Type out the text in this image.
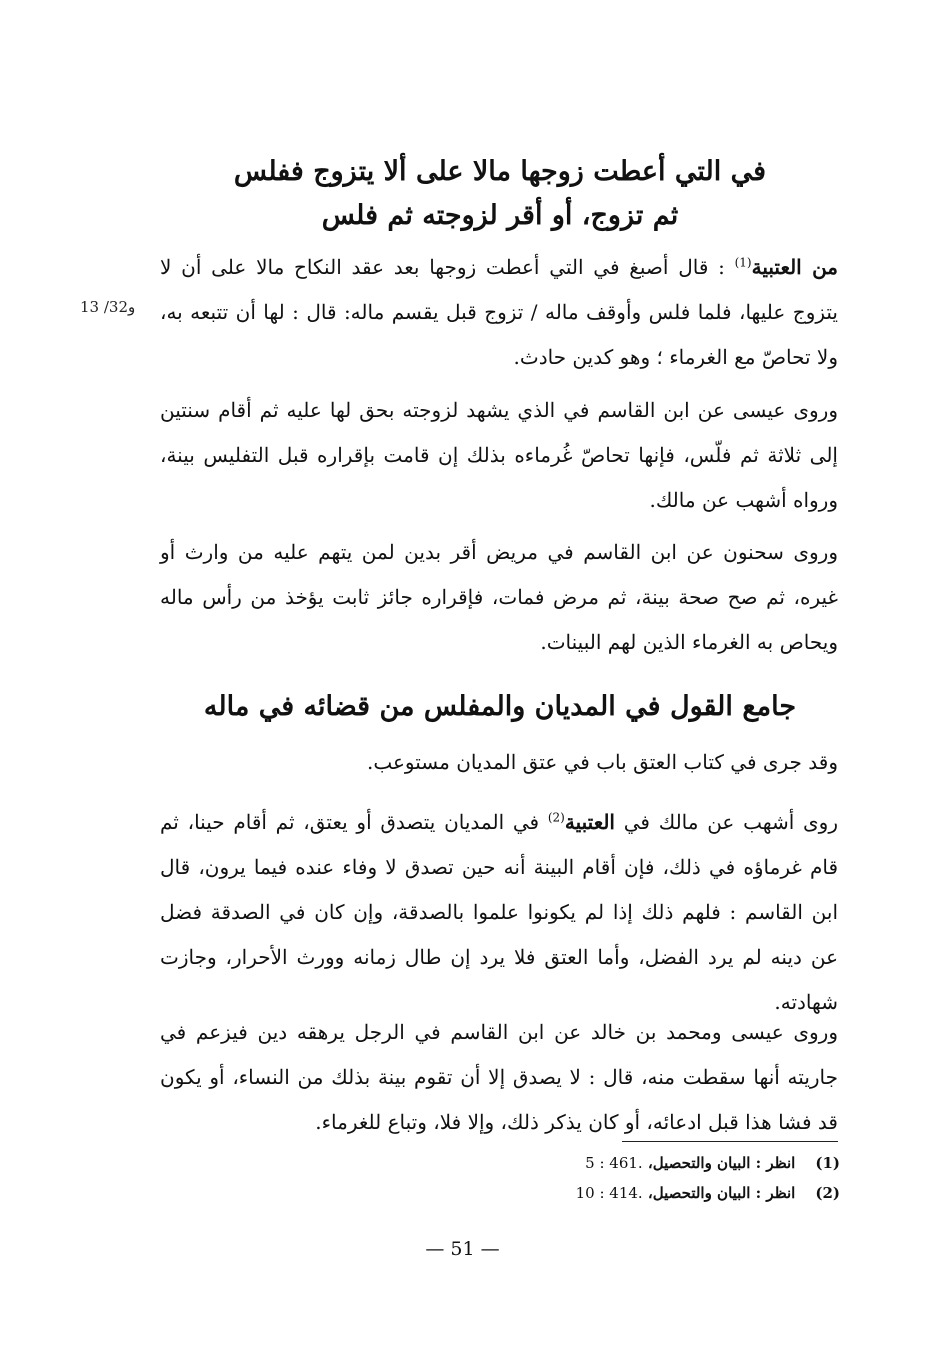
في التي أعطت زوجها مالا على ألا يتزوج ففلس
ثم تزوج، أو أقر لزوجته ثم فلس

من العتبية$^{(1)}$ : قال أصبغ في التي أعطت زوجها بعد عقد النكاح مالا على أن لا يتزوج عليها، فلما فلس وأوقف ماله / تزوج قبل يقسم ماله: قال : لها أن تتبعه به، ولا تحاصّ مع الغرماء ؛ وهو كدين حادث.

13 /32و

وروى عيسى عن ابن القاسم في الذي يشهد لزوجته بحق لها عليه ثم أقام سنتين إلى ثلاثة ثم فلّس، فإنها تحاصّ غُرماءه بذلك إن قامت بإقراره قبل التفليس بينة، ورواه أشهب عن مالك.

وروى سحنون عن ابن القاسم في مريض أقر بدين لمن يتهم عليه من وارث أو غيره، ثم صح صحة بينة، ثم مرض فمات، فإقراره جائز ثابت يؤخذ من رأس ماله ويحاص به الغرماء الذين لهم البينات.

جامع القول في المديان والمفلس من قضائه في ماله

وقد جرى في كتاب العتق باب في عتق المديان مستوعب.

روى أشهب عن مالك في العتبية$^{(2)}$ في المديان يتصدق أو يعتق، ثم أقام حينا، ثم قام غرماؤه في ذلك، فإن أقام البينة أنه حين تصدق لا وفاء عنده فيما يرون، قال ابن القاسم : فلهم ذلك إذا لم يكونوا علموا بالصدقة، وإن كان في الصدقة فضل عن دينه لم يرد الفضل، وأما العتق فلا يرد إن طال زمانه وورث الأحرار، وجازت شهادته.

وروى عيسى ومحمد بن خالد عن ابن القاسم في الرجل يرهقه دين فيزعم في جاريته أنها سقطت منه، قال : لا يصدق إلا أن تقوم بينة بذلك من النساء، أو يكون قد فشا هذا قبل ادعائه، أو كان يذكر ذلك، وإلا فلا، وتباع للغرماء.

(1)انظر : البيان والتحصيل، 5 : 461.

(2)انظر : البيان والتحصيل، 10 : 414.

— 51 —
